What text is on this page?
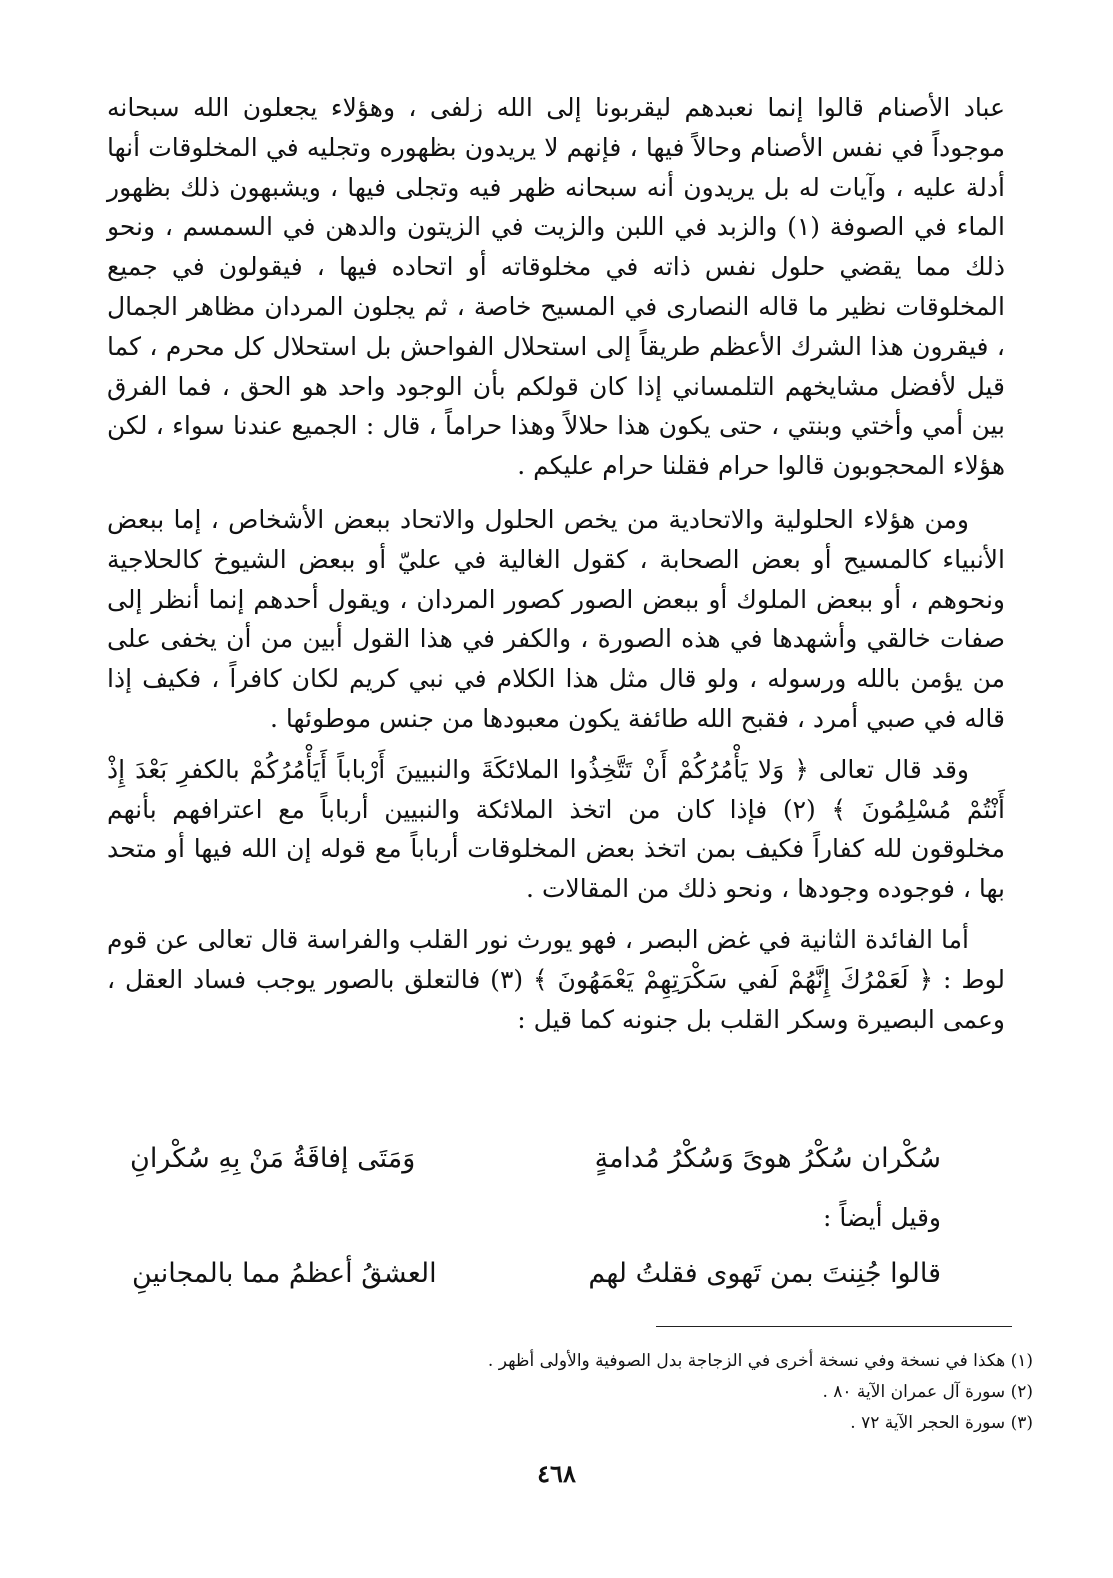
عباد الأصنام قالوا إنما نعبدهم ليقربونا إلى الله زلفى ، وهؤلاء يجعلون الله سبحانه موجوداً في نفس الأصنام وحالاً فيها ، فإنهم لا يريدون بظهوره وتجليه في المخلوقات أنها أدلة عليه ، وآيات له بل يريدون أنه سبحانه ظهر فيه وتجلى فيها ، ويشبهون ذلك بظهور الماء في الصوفة (١) والزبد في اللبن والزيت في الزيتون والدهن في السمسم ، ونحو ذلك مما يقضي حلول نفس ذاته في مخلوقاته أو اتحاده فيها ، فيقولون في جميع المخلوقات نظير ما قاله النصارى في المسيح خاصة ، ثم يجلون المردان مظاهر الجمال ، فيقرون هذا الشرك الأعظم طريقاً إلى استحلال الفواحش بل استحلال كل محرم ، كما قيل لأفضل مشايخهم التلمساني إذا كان قولكم بأن الوجود واحد هو الحق ، فما الفرق بين أمي وأختي وبنتي ، حتى يكون هذا حلالاً وهذا حراماً ، قال : الجميع عندنا سواء ، لكن هؤلاء المحجوبون قالوا حرام فقلنا حرام عليكم .

ومن هؤلاء الحلولية والاتحادية من يخص الحلول والاتحاد ببعض الأشخاص ، إما ببعض الأنبياء كالمسيح أو بعض الصحابة ، كقول الغالية في عليّ أو ببعض الشيوخ كالحلاجية ونحوهم ، أو ببعض الملوك أو ببعض الصور كصور المردان ، ويقول أحدهم إنما أنظر إلى صفات خالقي وأشهدها في هذه الصورة ، والكفر في هذا القول أبين من أن يخفى على من يؤمن بالله ورسوله ، ولو قال مثل هذا الكلام في نبي كريم لكان كافراً ، فكيف إذا قاله في صبي أمرد ، فقبح الله طائفة يكون معبودها من جنس موطوئها .

وقد قال تعالى ﴿ وَلا يَأْمُرُكُمْ أَنْ تَتَّخِذُوا الملائكَةَ والنبيينَ أَرْباباً أَيَأْمُرُكُمْ بالكفرِ بَعْدَ إِذْ أَنْتُمْ مُسْلِمُونَ ﴾ (٢) فإذا كان من اتخذ الملائكة والنبيين أرباباً مع اعترافهم بأنهم مخلوقون لله كفاراً فكيف بمن اتخذ بعض المخلوقات أرباباً مع قوله إن الله فيها أو متحد بها ، فوجوده وجودها ، ونحو ذلك من المقالات .

أما الفائدة الثانية في غض البصر ، فهو يورث نور القلب والفراسة قال تعالى عن قوم لوط : ﴿ لَعَمْرُكَ إِنَّهُمْ لَفي سَكْرَتِهِمْ يَعْمَهُونَ ﴾ (٣) فالتعلق بالصور يوجب فساد العقل ، وعمى البصيرة وسكر القلب بل جنونه كما قيل :

سُكْران سُكْرُ هوىً وَسُكْرُ مُدامةٍ
وَمَتَى إفاقَةُ مَنْ بِهِ سُكْرانِ
وقيل أيضاً :
قالوا جُنِنتَ بمن تَهوى فقلتُ لهم
العشقُ أعظمُ مما بالمجانينِ

(١) هكذا في نسخة وفي نسخة أخرى في الزجاجة بدل الصوفية والأولى أظهر .

(٢) سورة آل عمران الآية ٨٠ .

(٣) سورة الحجر الآية ٧٢ .

٤٦٨
